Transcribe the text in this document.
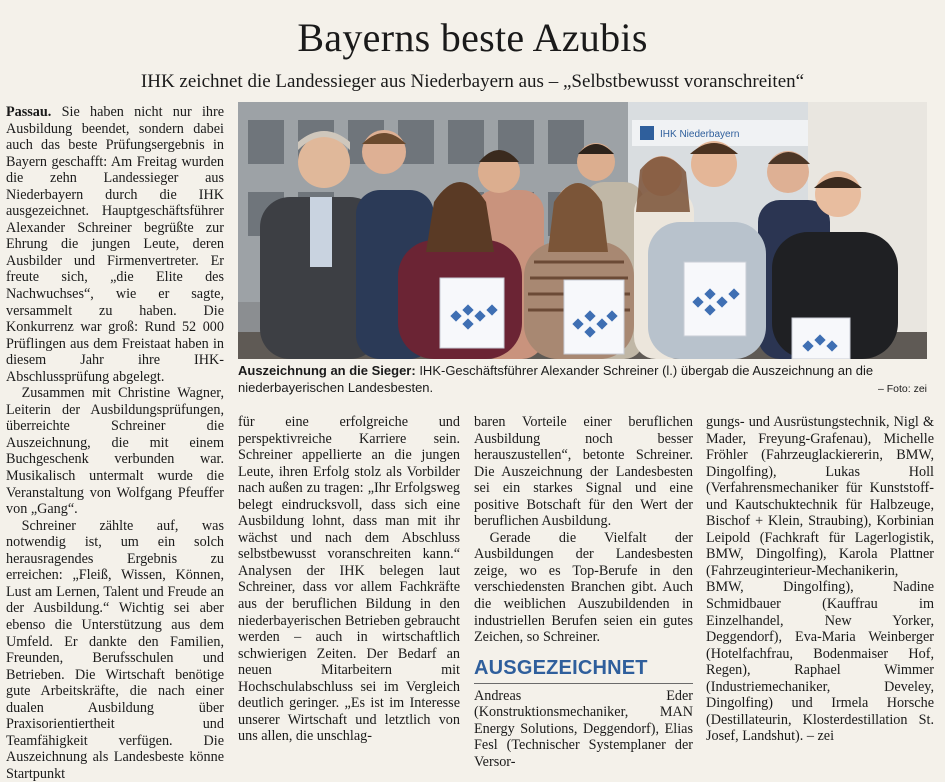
Bayerns beste Azubis
IHK zeichnet die Landessieger aus Niederbayern aus – „Selbstbewusst voranschreiten“

Passau. Sie haben nicht nur ihre Ausbildung beendet, sondern dabei auch das beste Prüfungsergebnis in Bayern geschafft: Am Freitag wurden die zehn Landessieger aus Niederbayern durch die IHK ausgezeichnet. Hauptgeschäftsführer Alexander Schreiner begrüßte zur Ehrung die jungen Leute, deren Ausbilder und Firmenvertreter. Er freute sich, „die Elite des Nachwuchses“, wie er sagte, versammelt zu haben. Die Konkurrenz war groß: Rund 52 000 Prüflingen aus dem Freistaat haben in diesem Jahr ihre IHK-Abschlussprüfung abgelegt.

Zusammen mit Christine Wagner, Leiterin der Ausbildungsprüfungen, überreichte Schreiner die Auszeichnung, die mit einem Buchgeschenk verbunden war. Musikalisch untermalt wurde die Veranstaltung von Wolfgang Pfeuffer von „Gang“.

Schreiner zählte auf, was notwendig ist, um ein solch herausragendes Ergebnis zu erreichen: „Fleiß, Wissen, Können, Lust am Lernen, Talent und Freude an der Ausbildung.“ Wichtig sei aber ebenso die Unterstützung aus dem Umfeld. Er dankte den Familien, Freunden, Berufsschulen und Betrieben. Die Wirtschaft benötige gute Arbeitskräfte, die nach einer dualen Ausbildung über Praxisorientiertheit und Teamfähigkeit verfügen. Die Auszeichnung als Landesbeste könne Startpunkt

IHK Niederbayern
Auszeichnung an die Sieger: IHK-Geschäftsführer Alexander Schreiner (l.) übergab die Auszeichnung an die niederbayerischen Landesbesten.	– Foto: zei

für eine erfolgreiche und perspektivreiche Karriere sein. Schreiner appellierte an die jungen Leute, ihren Erfolg stolz als Vorbilder nach außen zu tragen: „Ihr Erfolgsweg belegt eindrucksvoll, dass sich eine Ausbildung lohnt, dass man mit ihr wächst und nach dem Abschluss selbstbewusst voranschreiten kann.“ Analysen der IHK belegen laut Schreiner, dass vor allem Fachkräfte aus der beruflichen Bildung in den niederbayerischen Betrieben gebraucht werden – auch in wirtschaftlich schwierigen Zeiten. Der Bedarf an neuen Mitarbeitern mit Hochschulabschluss sei im Vergleich deutlich geringer. „Es ist im Interesse unserer Wirtschaft und letztlich von uns allen, die unschlag-

baren Vorteile einer beruflichen Ausbildung noch besser herauszustellen“, betonte Schreiner. Die Auszeichnung der Landesbesten sei ein starkes Signal und eine positive Botschaft für den Wert der beruflichen Ausbildung.

Gerade die Vielfalt der Ausbildungen der Landesbesten zeige, wo es Top-Berufe in den verschiedensten Branchen gibt. Auch die weiblichen Auszubildenden in industriellen Berufen seien ein gutes Zeichen, so Schreiner.

AUSGEZEICHNET

Andreas Eder (Konstruktionsmechaniker, MAN Energy Solutions, Deggendorf), Elias Fesl (Technischer Systemplaner der Versor-

gungs- und Ausrüstungstechnik, Nigl & Mader, Freyung-Grafenau), Michelle Fröhler (Fahrzeuglackiererin, BMW, Dingolfing), Lukas Holl (Verfahrensmechaniker für Kunststoff- und Kautschuktechnik für Halbzeuge, Bischof + Klein, Straubing), Korbinian Leipold (Fachkraft für Lagerlogistik, BMW, Dingolfing), Karola Plattner (Fahrzeuginterieur-Mechanikerin, BMW, Dingolfing), Nadine Schmidbauer (Kauffrau im Einzelhandel, New Yorker, Deggendorf), Eva-Maria Weinberger (Hotelfachfrau, Bodenmaiser Hof, Regen), Raphael Wimmer (Industriemechaniker, Develey, Dingolfing) und Irmela Horsche (Destillateurin, Klosterdestillation St. Josef, Landshut). – zei
